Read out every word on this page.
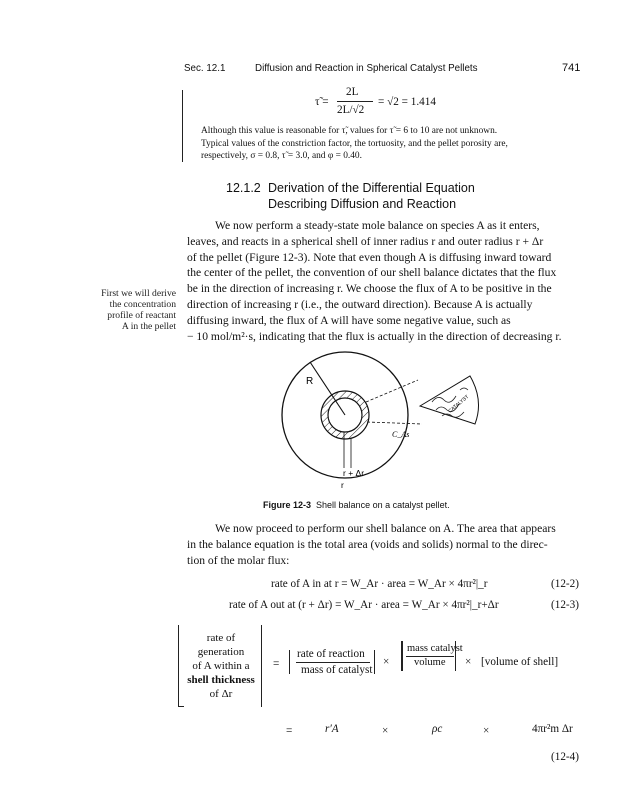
Sec. 12.1	Diffusion and Reaction in Spherical Catalyst Pellets	741
τ̃ =
2L
2L/√2
= √2 = 1.414
Although this value is reasonable for τ̃, values for τ̃ = 6 to 10 are not unknown.
Typical values of the constriction factor, the tortuosity, and the pellet porosity are,
respectively, σ = 0.8, τ̃ = 3.0, and φ = 0.40.
12.1.2 Derivation of the Differential Equation
Describing Diffusion and Reaction
We now perform a steady-state mole balance on species A as it enters,
leaves, and reacts in a spherical shell of inner radius r and outer radius r + Δr
of the pellet (Figure 12-3). Note that even though A is diffusing inward toward
the center of the pellet, the convention of our shell balance dictates that the flux
be in the direction of increasing r. We choose the flux of A to be positive in the
direction of increasing r (i.e., the outward direction). Because A is actually
diffusing inward, the flux of A will have some negative value, such as
− 10 mol/m²·s, indicating that the flux is actually in the direction of decreasing r.
First we will derive
the concentration
profile of reactant
A in the pellet
R
r + Δr
r
CATALYST
C_As
Figure 12-3 Shell balance on a catalyst pellet.
We now proceed to perform our shell balance on A. The area that appears
in the balance equation is the total area (voids and solids) normal to the direc-
tion of the molar flux:
rate of A in at r = W_Ar · area = W_Ar × 4πr²|_r	(12-2)
rate of A out at (r + Δr) = W_Ar · area = W_Ar × 4πr²|_r+Δr	(12-3)
rate of
generation
of A within a
shell thickness
of Δr
=
rate of reaction
mass of catalyst
×
mass catalyst
volume × [volume of shell]
=	r′A	×	ρc	×	4πr²m Δr
(12-4)
